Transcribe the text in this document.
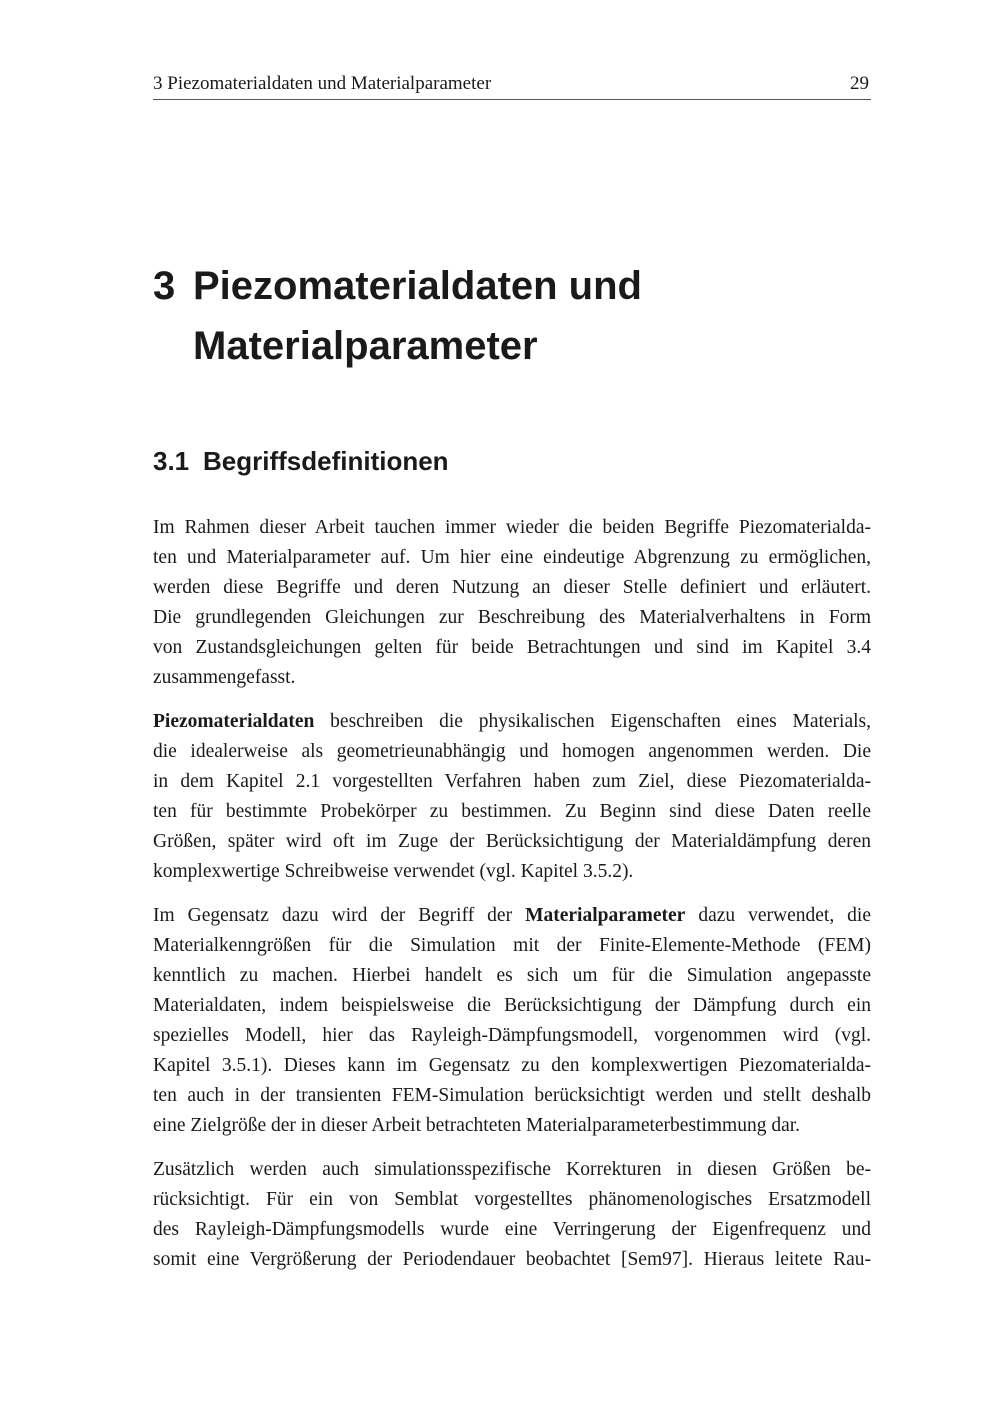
3 Piezomaterialdaten und Materialparameter	29
3 Piezomaterialdaten und Materialparameter
3.1 Begriffsdefinitionen

Im Rahmen dieser Arbeit tauchen immer wieder die beiden Begriffe Piezomaterialda-
ten und Materialparameter auf. Um hier eine eindeutige Abgrenzung zu ermöglichen,
werden diese Begriffe und deren Nutzung an dieser Stelle definiert und erläutert.
Die grundlegenden Gleichungen zur Beschreibung des Materialverhaltens in Form
von Zustandsgleichungen gelten für beide Betrachtungen und sind im Kapitel 3.4
zusammengefasst.

Piezomaterialdaten beschreiben die physikalischen Eigenschaften eines Materials,
die idealerweise als geometrieunabhängig und homogen angenommen werden. Die
in dem Kapitel 2.1 vorgestellten Verfahren haben zum Ziel, diese Piezomaterialda-
ten für bestimmte Probekörper zu bestimmen. Zu Beginn sind diese Daten reelle
Größen, später wird oft im Zuge der Berücksichtigung der Materialdämpfung deren
komplexwertige Schreibweise verwendet (vgl. Kapitel 3.5.2).

Im Gegensatz dazu wird der Begriff der Materialparameter dazu verwendet, die
Materialkenngrößen für die Simulation mit der Finite-Elemente-Methode (FEM)
kenntlich zu machen. Hierbei handelt es sich um für die Simulation angepasste
Materialdaten, indem beispielsweise die Berücksichtigung der Dämpfung durch ein
spezielles Modell, hier das Rayleigh-Dämpfungsmodell, vorgenommen wird (vgl.
Kapitel 3.5.1). Dieses kann im Gegensatz zu den komplexwertigen Piezomaterialda-
ten auch in der transienten FEM-Simulation berücksichtigt werden und stellt deshalb
eine Zielgröße der in dieser Arbeit betrachteten Materialparameterbestimmung dar.

Zusätzlich werden auch simulationsspezifische Korrekturen in diesen Größen be-
rücksichtigt. Für ein von Semblat vorgestelltes phänomenologisches Ersatzmodell
des Rayleigh-Dämpfungsmodells wurde eine Verringerung der Eigenfrequenz und
somit eine Vergrößerung der Periodendauer beobachtet [Sem97]. Hieraus leitete Rau-
